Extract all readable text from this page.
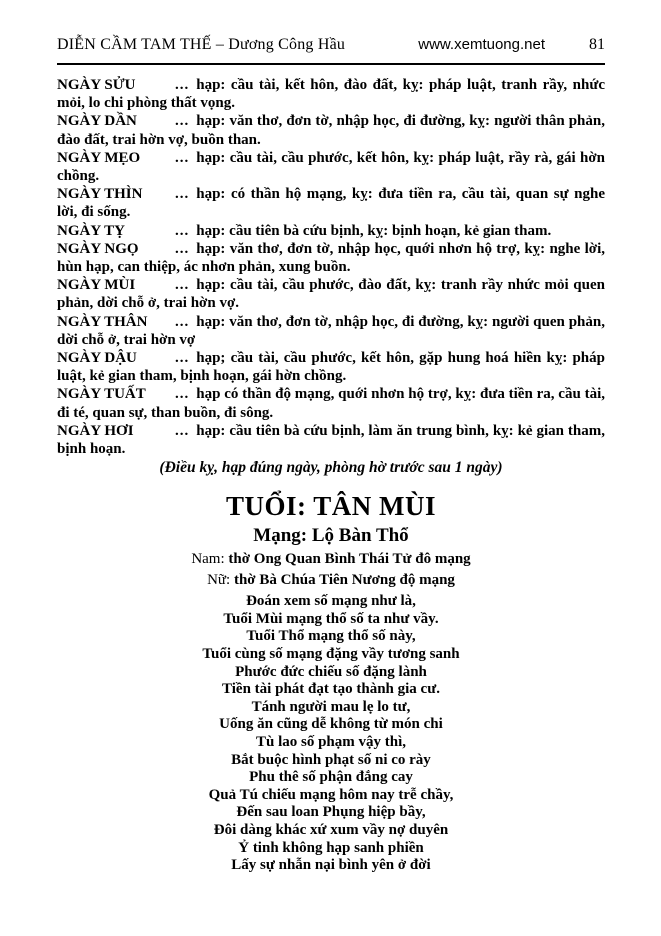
DIỄN CẦM TAM THẾ – Dương Công Hầu	www.xemtuong.net	81

NGÀY SỬU	... hạp: cầu tài, kết hôn, đào đất, kỵ: pháp luật, tranh rầy, nhức mỏi, lo chi phòng thất vọng.

NGÀY DẦN	... hạp: văn thơ, đơn tờ, nhập học, đi đường, kỵ: người thân phản, đào đất, trai hờn vợ, buồn than.

NGÀY MẸO ... hạp: cầu tài, cầu phước, kết hôn, kỵ: pháp luật, rầy rà, gái hờn chồng.

NGÀY THÌN ... hạp: có thần hộ mạng, kỵ: đưa tiền ra, cầu tài, quan sự nghe lời, đi sống.

NGÀY TỴ	... hạp: cầu tiên bà cứu bịnh, kỵ: bịnh hoạn, kẻ gian tham.

NGÀY NGỌ ... hạp: văn thơ, đơn tờ, nhập học, quới nhơn hộ trợ, kỵ: nghe lời, hùn hạp, can thiệp, ác nhơn phản, xung buồn.

NGÀY MÙI	... hạp: cầu tài, cầu phước, đào đất, kỵ: tranh rầy nhức mỏi quen phản, dời chỗ ở, trai hờn vợ.

NGÀY THÂN ... hạp: văn thơ, đơn tờ, nhập học, đi đường, kỵ: người quen phản, dời chỗ ở, trai hờn vợ

NGÀY DẬU	... hạp; cầu tài, cầu phước, kết hôn, gặp hung hoá hiền kỵ: pháp luật, kẻ gian tham, bịnh hoạn, gái hờn chồng.

NGÀY TUẤT ... hạp có thần độ mạng, quới nhơn hộ trợ, kỵ: đưa tiền ra, cầu tài, đi té, quan sự, than buồn, đi sông.

NGÀY HƠI	... hạp: cầu tiên bà cứu bịnh, làm ăn trung bình, kỵ: kẻ gian tham, bịnh hoạn.

(Điều kỵ, hạp đúng ngày, phòng hờ trước sau 1 ngày)
TUỔI: TÂN MÙI
Mạng: Lộ Bàn Thổ
Nam: thờ Ong Quan Bình Thái Tử đô mạng
Nữ: thờ Bà Chúa Tiên Nương độ mạng
Đoán xem số mạng như là,
Tuổi Mùi mạng thổ số ta như vầy.
Tuổi Thổ mạng thổ số này,
Tuổi cùng số mạng đặng vầy tương sanh
Phước đức chiếu số đặng lành
Tiền tài phát đạt tạo thành gia cư.
Tánh người mau lẹ lo tư,
Uống ăn cũng dễ không từ món chi
Tù lao số phạm vậy thì,
Bắt buộc hình phạt số ni co rày
Phu thê số phận đắng cay
Quả Tú chiếu mạng hôm nay trễ chầy,
Đến sau loan Phụng hiệp bầy,
Đôi dàng khác xứ xum vầy nợ duyên
Ỷ tinh không hạp sanh phiền
Lấy sự nhẫn nại bình yên ở đời
